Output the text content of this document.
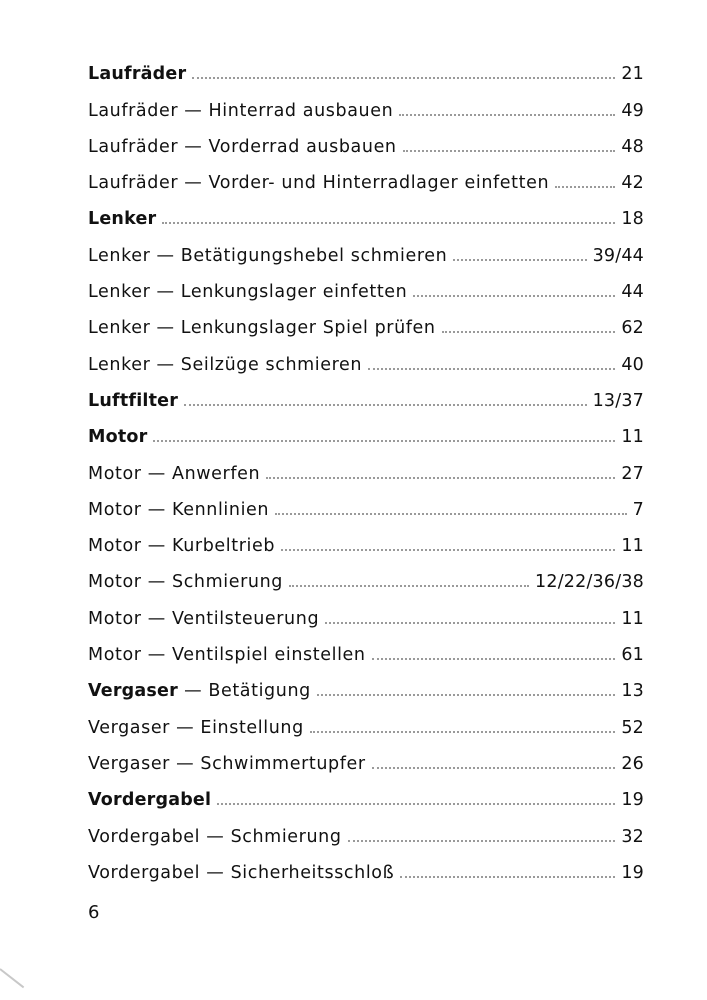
Laufräder	21
Laufräder — Hinterrad ausbauen	49
Laufräder — Vorderrad ausbauen	48
Laufräder — Vorder- und Hinterradlager einfetten	42
Lenker	18
Lenker — Betätigungshebel schmieren	39/44
Lenker — Lenkungslager einfetten	44
Lenker — Lenkungslager Spiel prüfen	62
Lenker — Seilzüge schmieren	40
Luftfilter	13/37
Motor	11
Motor — Anwerfen	27
Motor — Kennlinien	7
Motor — Kurbeltrieb	11
Motor — Schmierung	12/22/36/38
Motor — Ventilsteuerung	11
Motor — Ventilspiel einstellen	61
Vergaser — Betätigung	13
Vergaser — Einstellung	52
Vergaser — Schwimmertupfer	26
Vordergabel	19
Vordergabel — Schmierung	32
Vordergabel — Sicherheitsschloß	19
6
